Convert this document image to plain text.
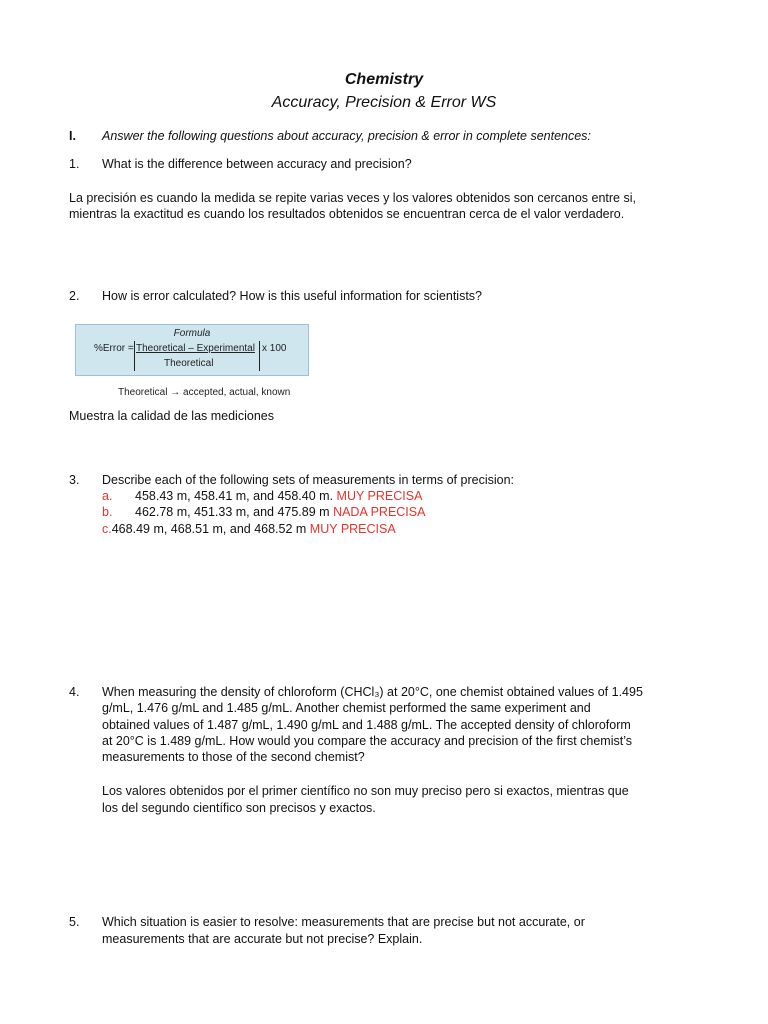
Chemistry
Accuracy, Precision & Error WS
I. Answer the following questions about accuracy, precision & error in complete sentences:
1.	What is the difference between accuracy and precision?
La precisión es cuando la medida se repite varias veces y los valores obtenidos son cercanos entre si,
mientras la exactitud es cuando los resultados obtenidos se encuentran cerca de el valor verdadero.
2.	How is error calculated? How is this useful information for scientists?
Formula
%Error = Theoretical – Experimental
Theoretical
x 100
Theoretical → accepted, actual, known
Muestra la calidad de las mediciones
3.	Describe each of the following sets of measurements in terms of precision:
a. 458.43 m, 458.41 m, and 458.40 m. MUY PRECISA
b. 462.78 m, 451.33 m, and 475.89 m NADA PRECISA
c.468.49 m, 468.51 m, and 468.52 m MUY PRECISA
4.	When measuring the density of chloroform (CHCl₃) at 20°C, one chemist obtained values of 1.495
g/mL, 1.476 g/mL and 1.485 g/mL. Another chemist performed the same experiment and
obtained values of 1.487 g/mL, 1.490 g/mL and 1.488 g/mL. The accepted density of chloroform
at 20°C is 1.489 g/mL. How would you compare the accuracy and precision of the first chemist’s
measurements to those of the second chemist?
Los valores obtenidos por el primer científico no son muy preciso pero si exactos, mientras que
los del segundo científico son precisos y exactos.
5.	Which situation is easier to resolve: measurements that are precise but not accurate, or
measurements that are accurate but not precise? Explain.
